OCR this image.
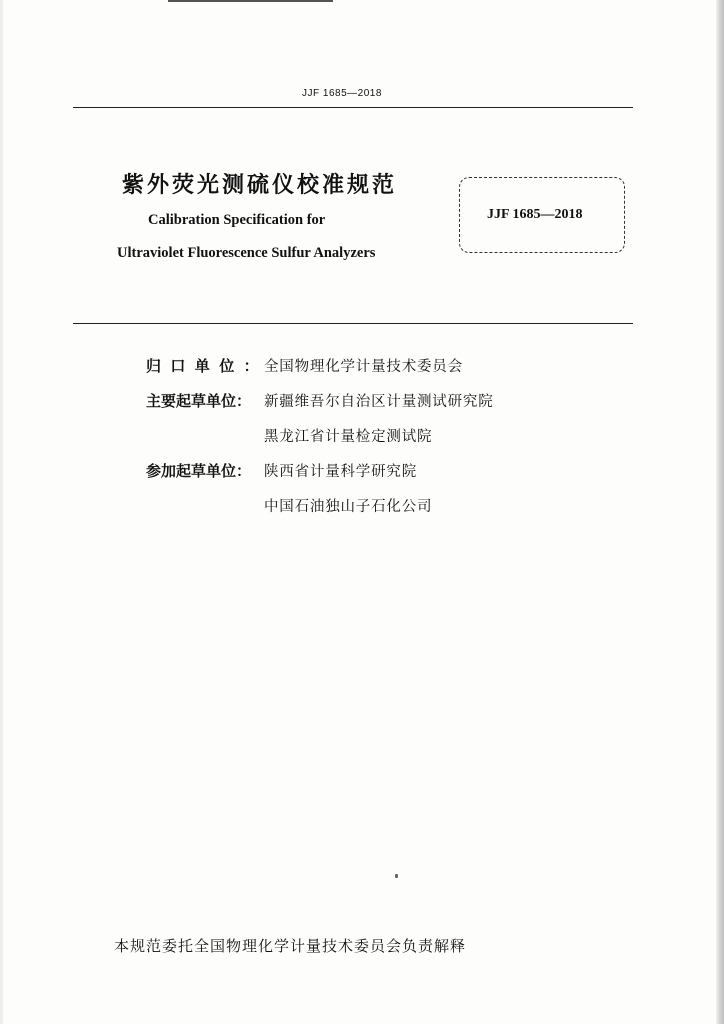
JJF 1685—2018
紫外荧光测硫仪校准规范
Calibration Specification for
Ultraviolet Fluorescence Sulfur Analyzers
JJF 1685—2018
归口单位：
全国物理化学计量技术委员会
主要起草单位： 新疆维吾尔自治区计量测试研究院
黑龙江省计量检定测试院
参加起草单位： 陕西省计量科学研究院
中国石油独山子石化公司
本规范委托全国物理化学计量技术委员会负责解释
